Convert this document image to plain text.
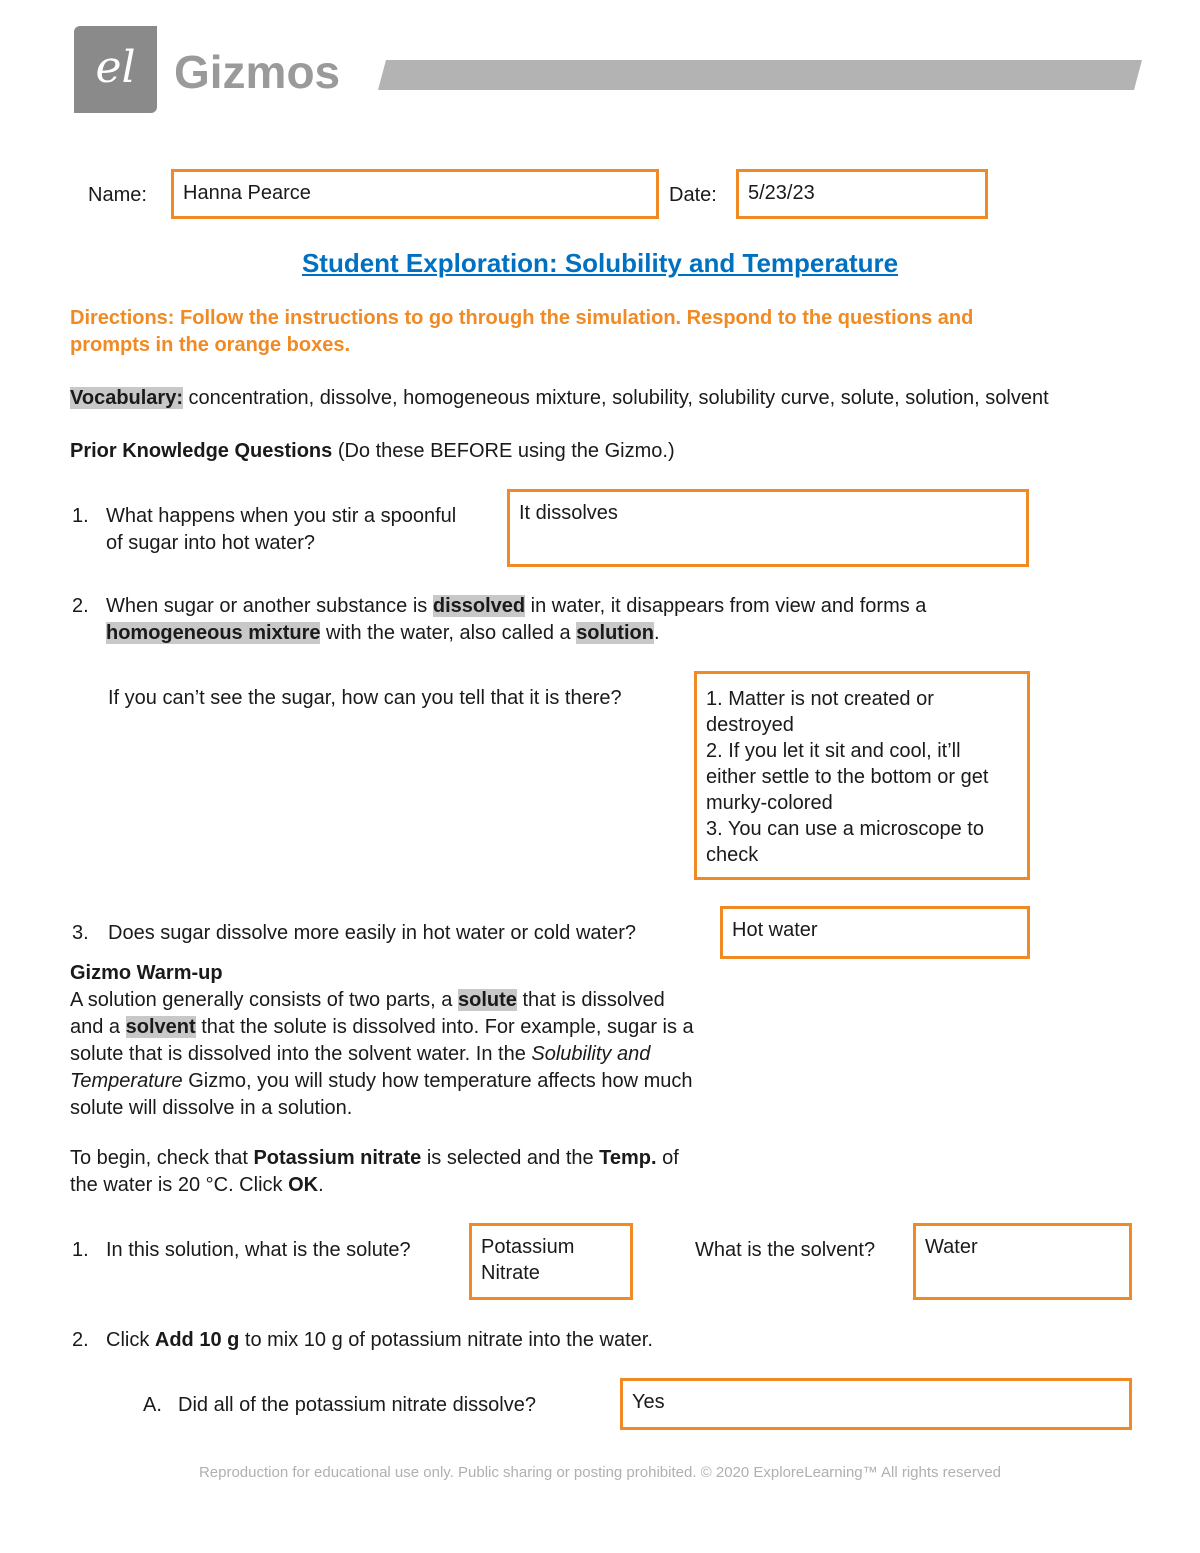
el Gizmos
Name:	Hanna Pearce	Date:	5/23/23
Student Exploration: Solubility and Temperature
Directions: Follow the instructions to go through the simulation. Respond to the questions and
prompts in the orange boxes.
Vocabulary: concentration, dissolve, homogeneous mixture, solubility, solubility curve, solute, solution, solvent
Prior Knowledge Questions (Do these BEFORE using the Gizmo.)
1. What happens when you stir a spoonful
of sugar into hot water?
It dissolves
2. When sugar or another substance is dissolved in water, it disappears from view and forms a
homogeneous mixture with the water, also called a solution.
If you can’t see the sugar, how can you tell that it is there?	1. Matter is not created or
destroyed
2. If you let it sit and cool, it’ll
either settle to the bottom or get
murky-colored
3. You can use a microscope to
check
3. Does sugar dissolve more easily in hot water or cold water?	Hot water
Gizmo Warm-up
A solution generally consists of two parts, a solute that is dissolved
and a solvent that the solute is dissolved into. For example, sugar is a
solute that is dissolved into the solvent water. In the Solubility and
Temperature Gizmo, you will study how temperature affects how much
solute will dissolve in a solution.
To begin, check that Potassium nitrate is selected and the Temp. of
the water is 20 °C. Click OK.
1. In this solution, what is the solute?	Potassium
Nitrate
What is the solvent?	Water
2. Click Add 10 g to mix 10 g of potassium nitrate into the water.
A. Did all of the potassium nitrate dissolve?	Yes
Reproduction for educational use only. Public sharing or posting prohibited. © 2020 ExploreLearning™ All rights reserved
